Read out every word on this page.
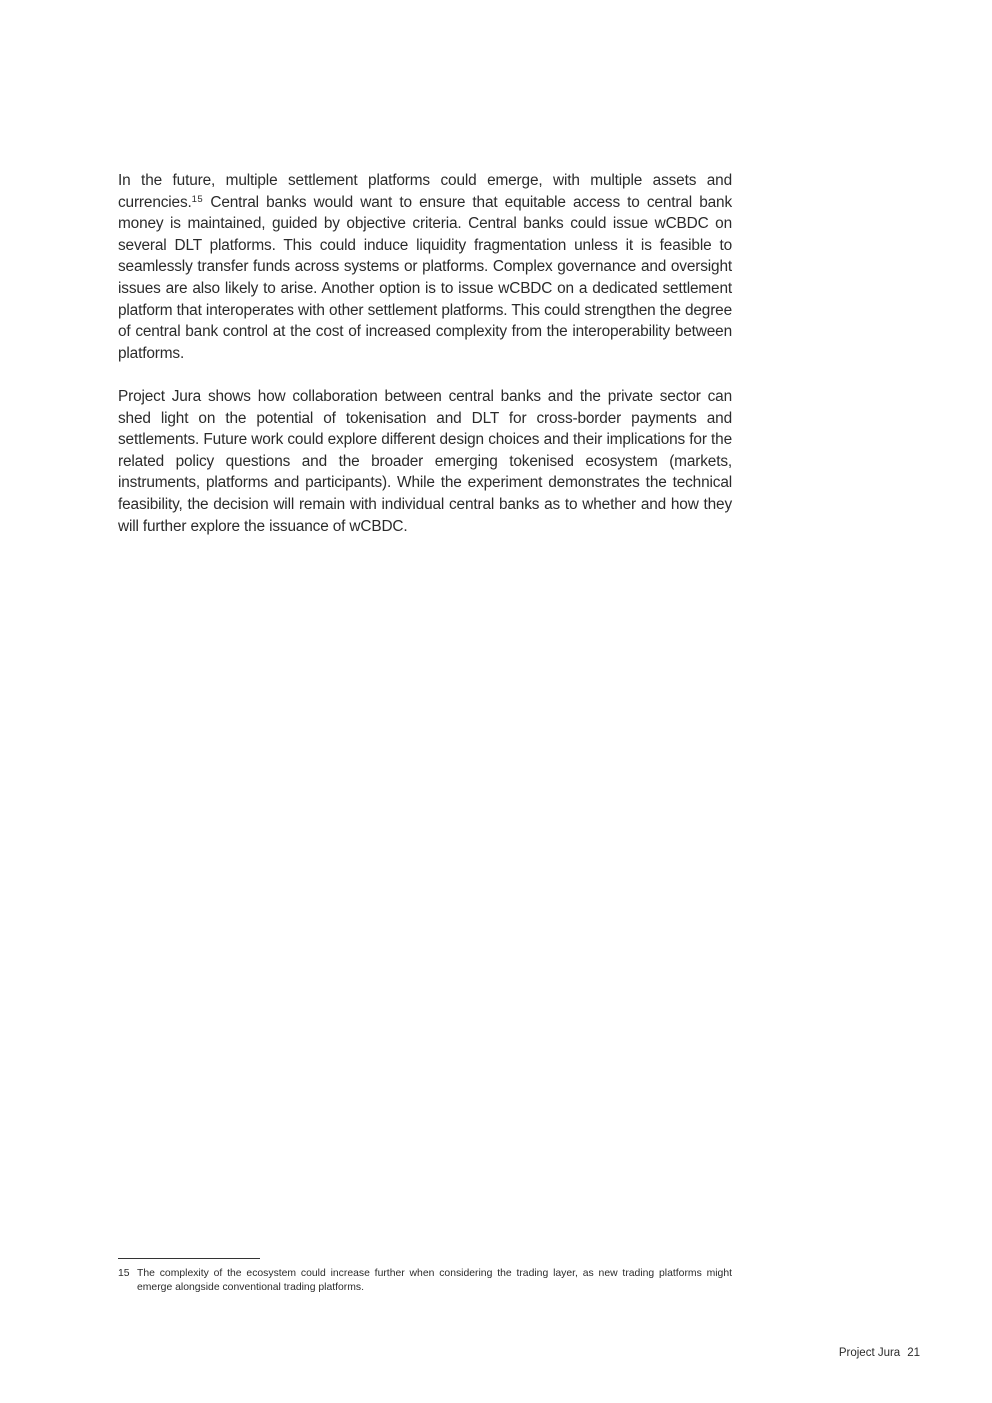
In the future, multiple settlement platforms could emerge, with multiple assets and currencies.$^{15}$ Central banks would want to ensure that equitable access to central bank money is maintained, guided by objective criteria. Central banks could issue wCBDC on several DLT platforms. This could induce liquidity fragmentation unless it is feasible to seamlessly transfer funds across systems or platforms. Complex governance and oversight issues are also likely to arise. Another option is to issue wCBDC on a dedicated settlement platform that interoperates with other settlement platforms. This could strengthen the degree of central bank control at the cost of increased complexity from the interoperability between platforms.

Project Jura shows how collaboration between central banks and the private sector can shed light on the potential of tokenisation and DLT for cross-border payments and settlements. Future work could explore different design choices and their implications for the related policy questions and the broader emerging tokenised ecosystem (markets, instruments, platforms and participants). While the experiment demonstrates the technical feasibility, the decision will remain with individual central banks as to whether and how they will further explore the issuance of wCBDC.

15 The complexity of the ecosystem could increase further when considering the trading layer, as new trading platforms might emerge alongside conventional trading platforms.
Project Jura 21
